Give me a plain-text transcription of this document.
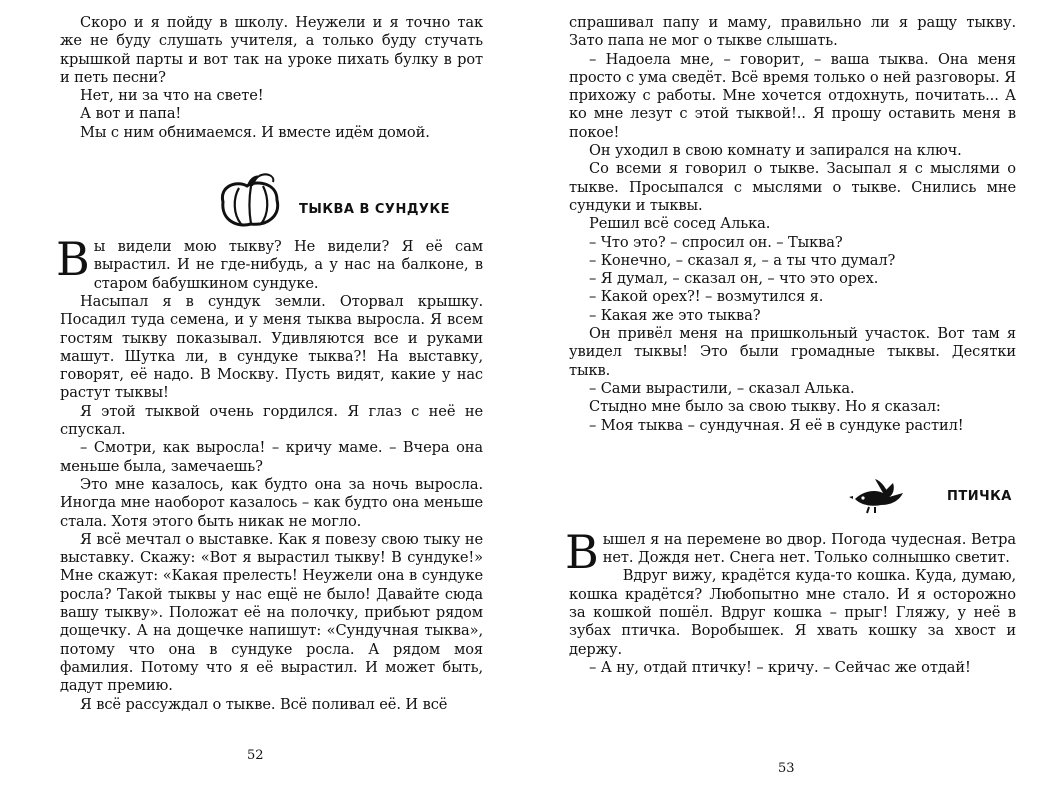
Скоро и я пойду в школу. Неужели и я точно так же не буду слушать учителя, а только буду стучать крышкой парты и вот так на уроке пихать булку в рот и петь песни?

Нет, ни за что на свете!

А вот и папа!

Мы с ним обнимаемся. И вместе идём домой.

ТЫКВА В СУНДУКЕ

Вы видели мою тыкву? Не видели? Я её сам вырастил. И не где-нибудь, а у нас на балконе, в старом бабушкином сундуке.

Насыпал я в сундук земли. Оторвал крышку. Посадил туда семена, и у меня тыква выросла. Я всем гостям тыкву показывал. Удивляются все и руками машут. Шутка ли, в сундуке тыква?! На выставку, говорят, её надо. В Москву. Пусть видят, какие у нас растут тыквы!

Я этой тыквой очень гордился. Я глаз с неё не спускал.

– Смотри, как выросла! – кричу маме. – Вчера она меньше была, замечаешь?

Это мне казалось, как будто она за ночь выросла. Иногда мне наоборот казалось – как будто она меньше стала. Хотя этого быть никак не могло.

Я всё мечтал о выставке. Как я повезу свою тыку не выставку. Скажу: «Вот я вырастил тыкву! В сундуке!» Мне скажут: «Какая прелесть! Неужели она в сундуке росла? Такой тыквы у нас ещё не было! Давайте сюда вашу тыкву». Положат её на полочку, прибьют рядом дощечку. А на дощечке напишут: «Сундучная тыква», потому что она в сундуке росла. А рядом моя фамилия. Потому что я её вырастил. И может быть, дадут премию.

Я всё рассуждал о тыкве. Всё поливал её. И всё

52

спрашивал папу и маму, правильно ли я ращу тыкву. Зато папа не мог о тыкве слышать.

– Надоела мне, – говорит, – ваша тыква. Она меня просто с ума сведёт. Всё время только о ней разговоры. Я прихожу с работы. Мне хочется отдохнуть, почитать... А ко мне лезут с этой тыквой!.. Я прошу оставить меня в покое!

Он уходил в свою комнату и запирался на ключ.

Со всеми я говорил о тыкве. Засыпал я с мыслями о тыкве. Просыпался с мыслями о тыкве. Снились мне сундуки и тыквы.

Решил всё сосед Алька.

– Что это? – спросил он. – Тыква?

– Конечно, – сказал я, – а ты что думал?

– Я думал, – сказал он, – что это орех.

– Какой орех?! – возмутился я.

– Какая же это тыква?

Он привёл меня на пришкольный участок. Вот там я увидел тыквы! Это были громадные тыквы. Десятки тыкв.

– Сами вырастили, – сказал Алька.

Стыдно мне было за свою тыкву. Но я сказал:

– Моя тыква – сундучная. Я её в сундуке растил!

ПТИЧКА

Вышел я на перемене во двор. Погода чудесная. Ветра нет. Дождя нет. Снега нет. Только солнышко светит.

Вдруг вижу, крадётся куда-то кошка. Куда, думаю, кошка крадётся? Любопытно мне стало. И я осторожно за кошкой пошёл. Вдруг кошка – прыг! Гляжу, у неё в зубах птичка. Воробышек. Я хвать кошку за хвост и держу.

– А ну, отдай птичку! – кричу. – Сейчас же отдай!

53
